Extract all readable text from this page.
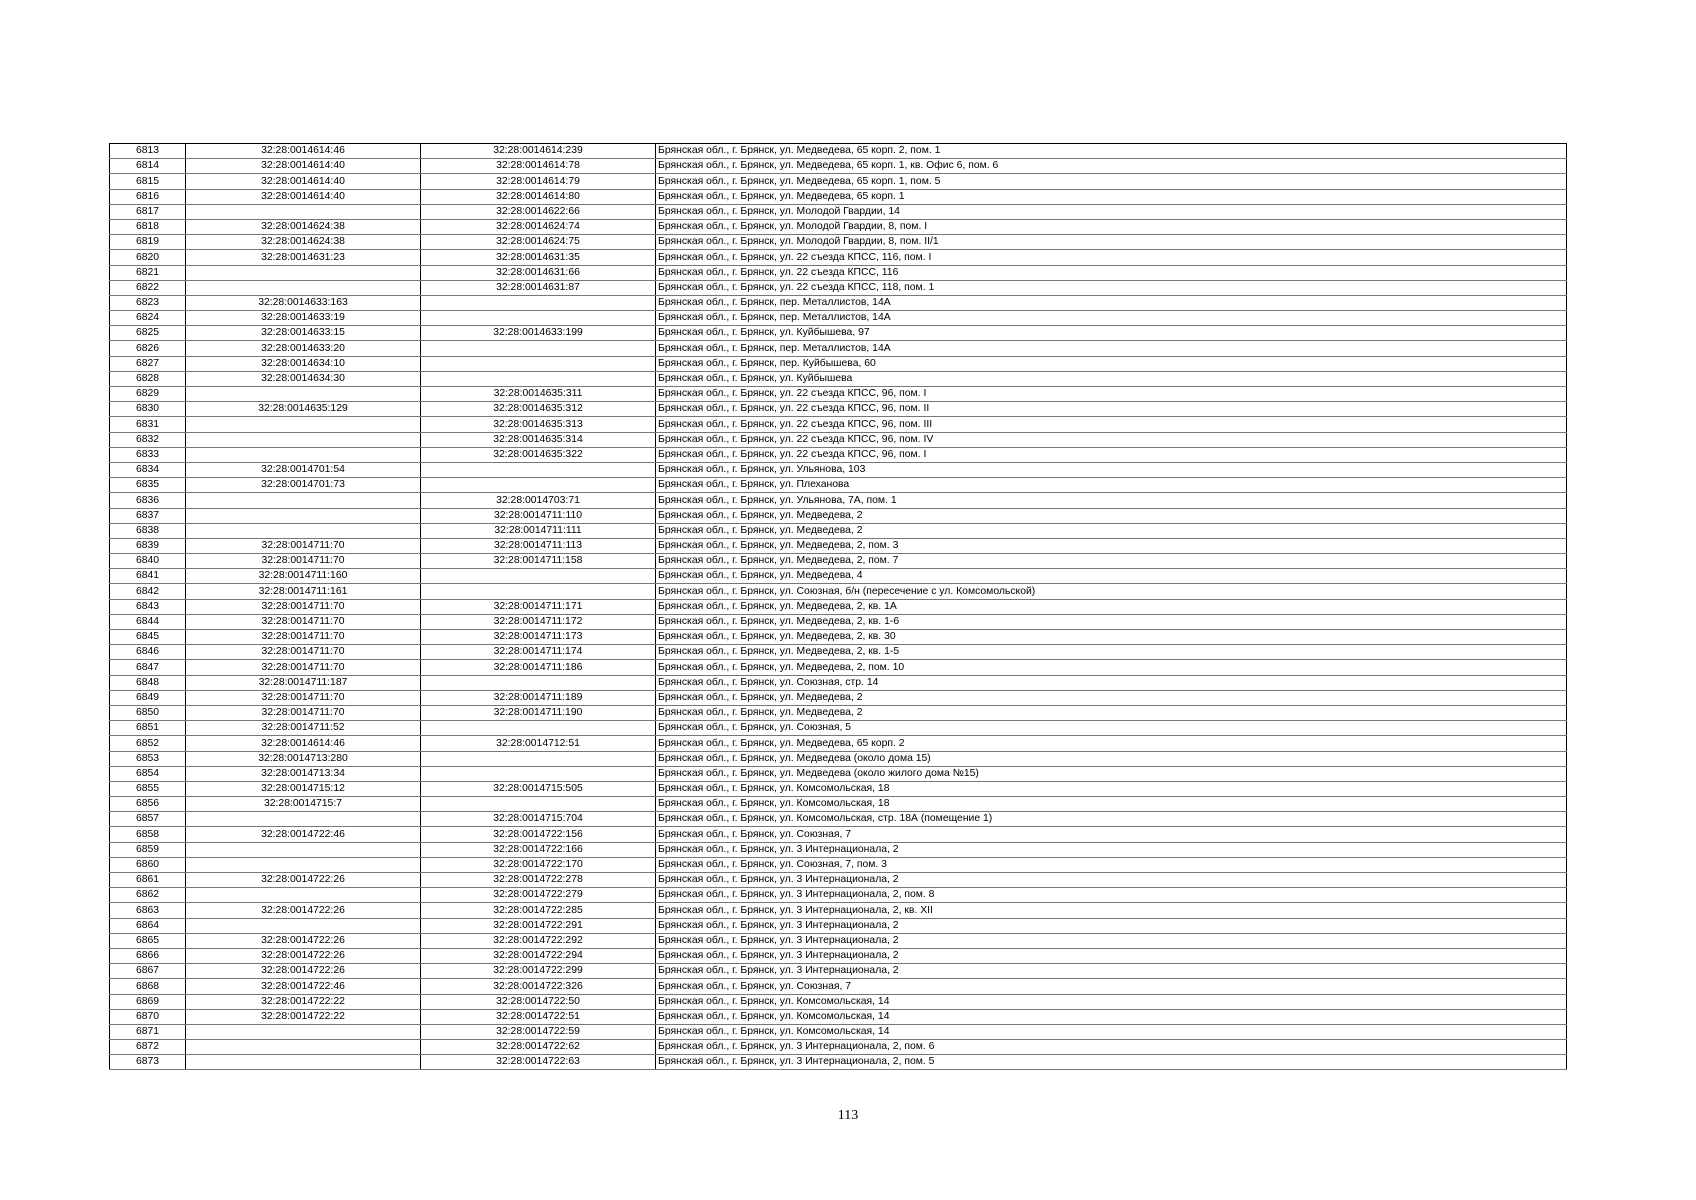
6813	32:28:0014614:46	32:28:0014614:239	Брянская обл., г. Брянск, ул. Медведева, 65 корп. 2, пом. 1
6814	32:28:0014614:40	32:28:0014614:78	Брянская обл., г. Брянск, ул. Медведева, 65 корп. 1, кв. Офис 6, пом. 6
6815	32:28:0014614:40	32:28:0014614:79	Брянская обл., г. Брянск, ул. Медведева, 65 корп. 1, пом. 5
6816	32:28:0014614:40	32:28:0014614:80	Брянская обл., г. Брянск, ул. Медведева, 65 корп. 1
6817		32:28:0014622:66	Брянская обл., г. Брянск, ул. Молодой Гвардии, 14
6818	32:28:0014624:38	32:28:0014624:74	Брянская обл., г. Брянск, ул. Молодой Гвардии, 8, пом. I
6819	32:28:0014624:38	32:28:0014624:75	Брянская обл., г. Брянск, ул. Молодой Гвардии, 8, пом. II/1
6820	32:28:0014631:23	32:28:0014631:35	Брянская обл., г. Брянск, ул. 22 съезда КПСС, 116, пом. I
6821		32:28:0014631:66	Брянская обл., г. Брянск, ул. 22 съезда КПСС, 116
6822		32:28:0014631:87	Брянская обл., г. Брянск, ул. 22 съезда КПСС, 118, пом. 1
6823	32:28:0014633:163		Брянская обл., г. Брянск, пер. Металлистов, 14А
6824	32:28:0014633:19		Брянская обл., г. Брянск, пер. Металлистов, 14А
6825	32:28:0014633:15	32:28:0014633:199	Брянская обл., г. Брянск, ул. Куйбышева, 97
6826	32:28:0014633:20		Брянская обл., г. Брянск, пер. Металлистов, 14А
6827	32:28:0014634:10		Брянская обл., г. Брянск, пер. Куйбышева, 60
6828	32:28:0014634:30		Брянская обл., г. Брянск, ул. Куйбышева
6829		32:28:0014635:311	Брянская обл., г. Брянск, ул. 22 съезда КПСС, 96, пом. I
6830	32:28:0014635:129	32:28:0014635:312	Брянская обл., г. Брянск, ул. 22 съезда КПСС, 96, пом. II
6831		32:28:0014635:313	Брянская обл., г. Брянск, ул. 22 съезда КПСС, 96, пом. III
6832		32:28:0014635:314	Брянская обл., г. Брянск, ул. 22 съезда КПСС, 96, пом. IV
6833		32:28:0014635:322	Брянская обл., г. Брянск, ул. 22 съезда КПСС, 96, пом. I
6834	32:28:0014701:54		Брянская обл., г. Брянск, ул. Ульянова, 103
6835	32:28:0014701:73		Брянская обл., г. Брянск, ул. Плеханова
6836		32:28:0014703:71	Брянская обл., г. Брянск, ул. Ульянова, 7А, пом. 1
6837		32:28:0014711:110	Брянская обл., г. Брянск, ул. Медведева, 2
6838		32:28:0014711:111	Брянская обл., г. Брянск, ул. Медведева, 2
6839	32:28:0014711:70	32:28:0014711:113	Брянская обл., г. Брянск, ул. Медведева, 2, пом. 3
6840	32:28:0014711:70	32:28:0014711:158	Брянская обл., г. Брянск, ул. Медведева, 2, пом. 7
6841	32:28:0014711:160		Брянская обл., г. Брянск, ул. Медведева, 4
6842	32:28:0014711:161		Брянская обл., г. Брянск, ул. Союзная, б/н (пересечение с ул. Комсомольской)
6843	32:28:0014711:70	32:28:0014711:171	Брянская обл., г. Брянск, ул. Медведева, 2, кв. 1А
6844	32:28:0014711:70	32:28:0014711:172	Брянская обл., г. Брянск, ул. Медведева, 2, кв. 1-6
6845	32:28:0014711:70	32:28:0014711:173	Брянская обл., г. Брянск, ул. Медведева, 2, кв. 30
6846	32:28:0014711:70	32:28:0014711:174	Брянская обл., г. Брянск, ул. Медведева, 2, кв. 1-5
6847	32:28:0014711:70	32:28:0014711:186	Брянская обл., г. Брянск, ул. Медведева, 2, пом. 10
6848	32:28:0014711:187		Брянская обл., г. Брянск, ул. Союзная, стр. 14
6849	32:28:0014711:70	32:28:0014711:189	Брянская обл., г. Брянск, ул. Медведева, 2
6850	32:28:0014711:70	32:28:0014711:190	Брянская обл., г. Брянск, ул. Медведева, 2
6851	32:28:0014711:52		Брянская обл., г. Брянск, ул. Союзная, 5
6852	32:28:0014614:46	32:28:0014712:51	Брянская обл., г. Брянск, ул. Медведева, 65 корп. 2
6853	32:28:0014713:280		Брянская обл., г. Брянск, ул. Медведева (около дома 15)
6854	32:28:0014713:34		Брянская обл., г. Брянск, ул. Медведева (около жилого дома №15)
6855	32:28:0014715:12	32:28:0014715:505	Брянская обл., г. Брянск, ул. Комсомольская, 18
6856	32:28:0014715:7		Брянская обл., г. Брянск, ул. Комсомольская, 18
6857		32:28:0014715:704	Брянская обл., г. Брянск, ул. Комсомольская, стр. 18А (помещение 1)
6858	32:28:0014722:46	32:28:0014722:156	Брянская обл., г. Брянск, ул. Союзная, 7
6859		32:28:0014722:166	Брянская обл., г. Брянск, ул. 3 Интернационала, 2
6860		32:28:0014722:170	Брянская обл., г. Брянск, ул. Союзная, 7, пом. 3
6861	32:28:0014722:26	32:28:0014722:278	Брянская обл., г. Брянск, ул. 3 Интернационала, 2
6862		32:28:0014722:279	Брянская обл., г. Брянск, ул. 3 Интернационала, 2, пом. 8
6863	32:28:0014722:26	32:28:0014722:285	Брянская обл., г. Брянск, ул. 3 Интернационала, 2, кв. XII
6864		32:28:0014722:291	Брянская обл., г. Брянск, ул. 3 Интернационала, 2
6865	32:28:0014722:26	32:28:0014722:292	Брянская обл., г. Брянск, ул. 3 Интернационала, 2
6866	32:28:0014722:26	32:28:0014722:294	Брянская обл., г. Брянск, ул. 3 Интернационала, 2
6867	32:28:0014722:26	32:28:0014722:299	Брянская обл., г. Брянск, ул. 3 Интернационала, 2
6868	32:28:0014722:46	32:28:0014722:326	Брянская обл., г. Брянск, ул. Союзная, 7
6869	32:28:0014722:22	32:28:0014722:50	Брянская обл., г. Брянск, ул. Комсомольская, 14
6870	32:28:0014722:22	32:28:0014722:51	Брянская обл., г. Брянск, ул. Комсомольская, 14
6871		32:28:0014722:59	Брянская обл., г. Брянск, ул. Комсомольская, 14
6872		32:28:0014722:62	Брянская обл., г. Брянск, ул. 3 Интернационала, 2, пом. 6
6873		32:28:0014722:63	Брянская обл., г. Брянск, ул. 3 Интернационала, 2, пом. 5
113
